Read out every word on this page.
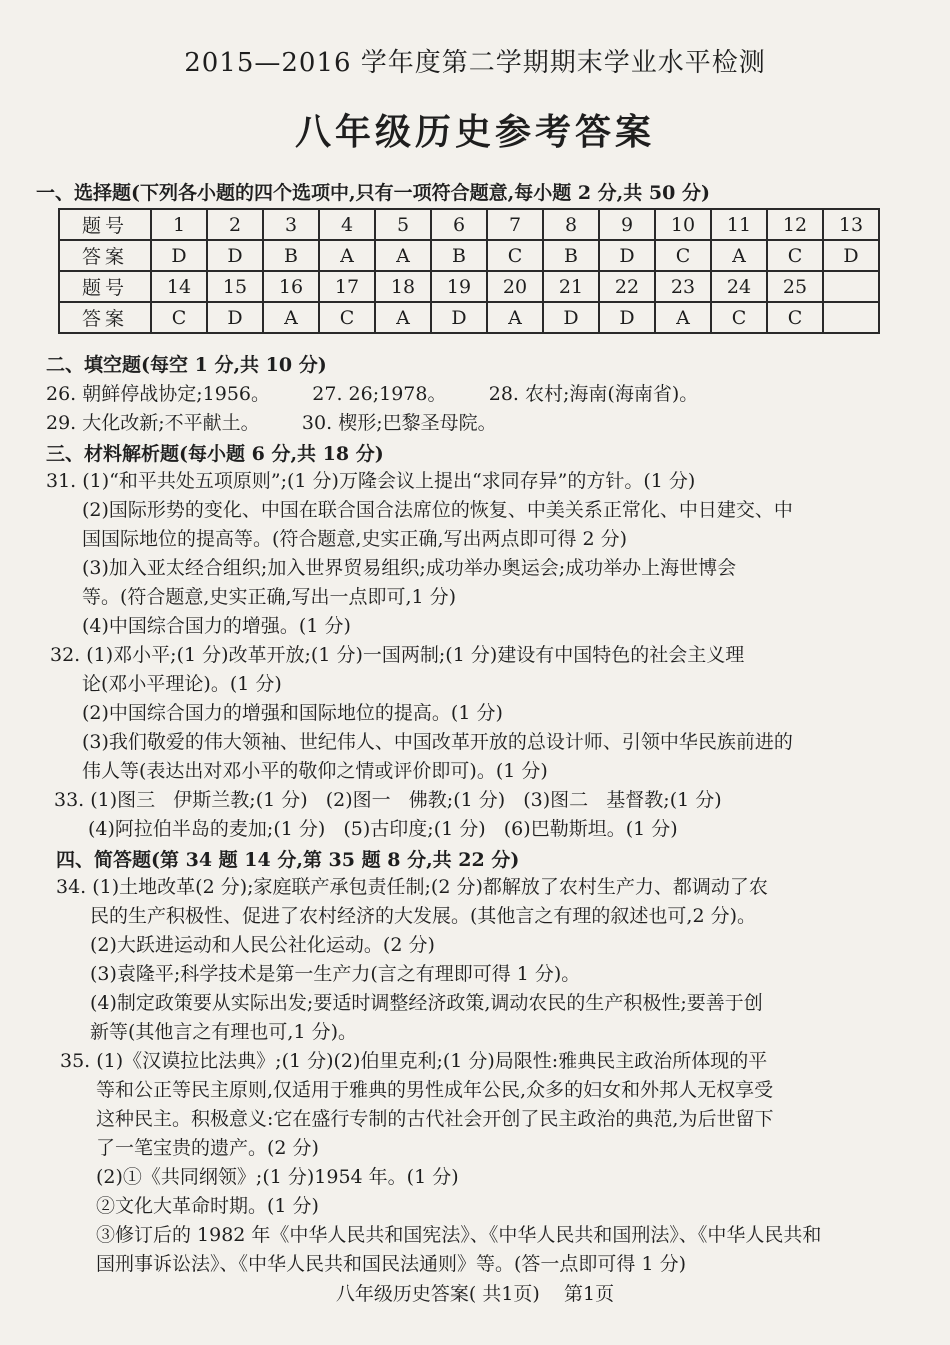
2015—2016 学年度第二学期期末学业水平检测
八年级历史参考答案
一、选择题(下列各小题的四个选项中,只有一项符合题意,每小题 2 分,共 50 分)
题号	1	2	3	4	5	6	7	8	9	10	11	12	13
答案	D	D	B	A	A	B	C	B	D	C	A	C	D
题号	14	15	16	17	18	19	20	21	22	23	24	25	
答案	C	D	A	C	A	D	A	D	D	A	C	C	
二、填空题(每空 1 分,共 10 分)
26. 朝鲜停战协定;1956。       27. 26;1978。       28. 农村;海南(海南省)。
29. 大化改新;不平献土。       30. 楔形;巴黎圣母院。
三、材料解析题(每小题 6 分,共 18 分)
31. (1)“和平共处五项原则”;(1 分)万隆会议上提出“求同存异”的方针。(1 分)
(2)国际形势的变化、中国在联合国合法席位的恢复、中美关系正常化、中日建交、中
国国际地位的提高等。(符合题意,史实正确,写出两点即可得 2 分)
(3)加入亚太经合组织;加入世界贸易组织;成功举办奥运会;成功举办上海世博会
等。(符合题意,史实正确,写出一点即可,1 分)
(4)中国综合国力的增强。(1 分)
32. (1)邓小平;(1 分)改革开放;(1 分)一国两制;(1 分)建设有中国特色的社会主义理
论(邓小平理论)。(1 分)
(2)中国综合国力的增强和国际地位的提高。(1 分)
(3)我们敬爱的伟大领袖、世纪伟人、中国改革开放的总设计师、引领中华民族前进的
伟人等(表达出对邓小平的敬仰之情或评价即可)。(1 分)
33. (1)图三   伊斯兰教;(1 分)   (2)图一   佛教;(1 分)   (3)图二   基督教;(1 分)
(4)阿拉伯半岛的麦加;(1 分)   (5)古印度;(1 分)   (6)巴勒斯坦。(1 分)
四、简答题(第 34 题 14 分,第 35 题 8 分,共 22 分)
34. (1)土地改革(2 分);家庭联产承包责任制;(2 分)都解放了农村生产力、都调动了农
民的生产积极性、促进了农村经济的大发展。(其他言之有理的叙述也可,2 分)。
(2)大跃进运动和人民公社化运动。(2 分)
(3)袁隆平;科学技术是第一生产力(言之有理即可得 1 分)。
(4)制定政策要从实际出发;要适时调整经济政策,调动农民的生产积极性;要善于创
新等(其他言之有理也可,1 分)。
35. (1)《汉谟拉比法典》;(1 分)(2)伯里克利;(1 分)局限性:雅典民主政治所体现的平
等和公正等民主原则,仅适用于雅典的男性成年公民,众多的妇女和外邦人无权享受
这种民主。积极意义:它在盛行专制的古代社会开创了民主政治的典范,为后世留下
了一笔宝贵的遗产。(2 分)
(2)①《共同纲领》;(1 分)1954 年。(1 分)
②文化大革命时期。(1 分)
③修订后的 1982 年《中华人民共和国宪法》、《中华人民共和国刑法》、《中华人民共和
国刑事诉讼法》、《中华人民共和国民法通则》等。(答一点即可得 1 分)
八年级历史答案( 共1页)    第1页
